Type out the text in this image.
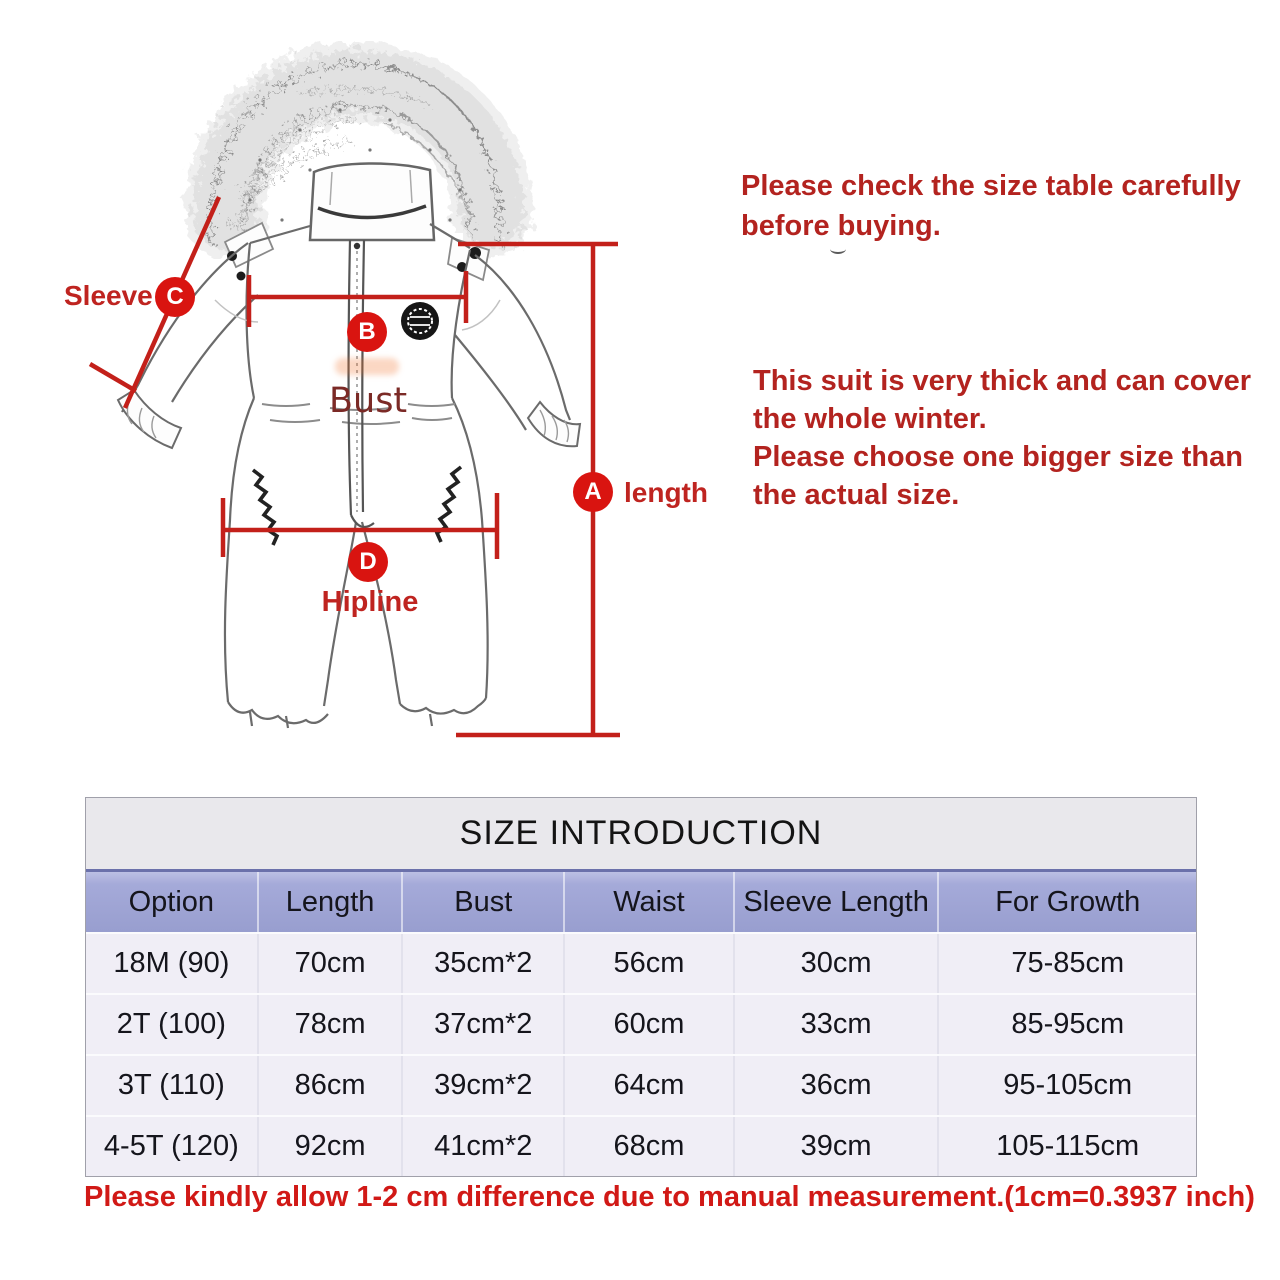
C
B
A
D
Sleeve
length
Hipline
Bust
Please check the size table carefully
before buying.
This suit is very thick and can cover
the whole winter.
Please choose one bigger size than
the actual size.
SIZE INTRODUCTION
Option	Length	Bust	Waist	Sleeve Length	For Growth
18M (90)	70cm	35cm*2	56cm	30cm	75-85cm
2T (100)	78cm	37cm*2	60cm	33cm	85-95cm
3T (110)	86cm	39cm*2	64cm	36cm	95-105cm
4-5T (120)	92cm	41cm*2	68cm	39cm	105-115cm
Please kindly allow 1-2 cm difference due to manual measurement.(1cm=0.3937 inch)
